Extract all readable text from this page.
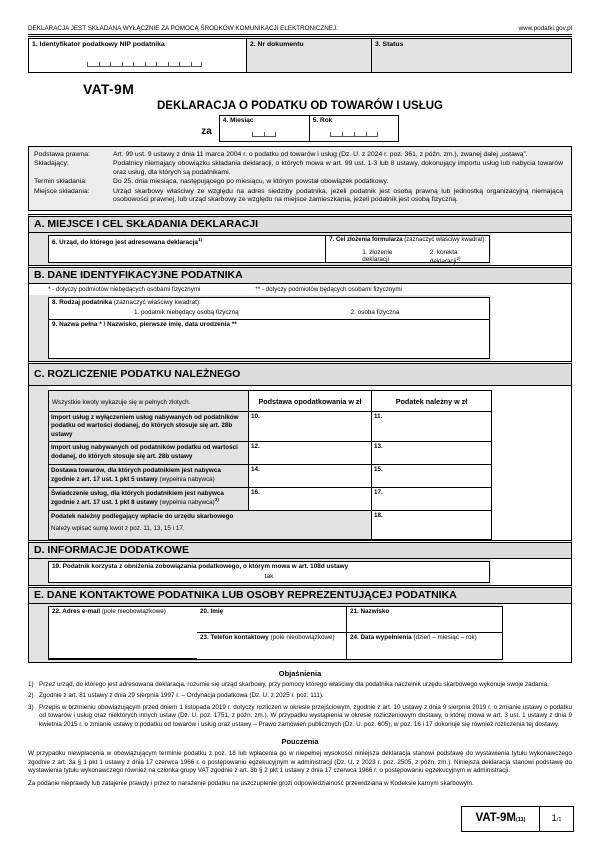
DEKLARACJA JEST SKŁADANA WYŁĄCZNIE ZA POMOCĄ ŚRODKÓW KOMUNIKACJI ELEKTRONICZNEJ.	www.podatki.gov.pl
1. Identyfikator podatkowy NIP podatnika	2. Nr dokumentu	3. Status
VAT-9M
DEKLARACJA O PODATKU OD TOWARÓW I USŁUG
za
4. Miesiąc	5. Rok
Podstawa prawna:	Art. 99 ust. 9 ustawy z dnia 11 marca 2004 r. o podatku od towarów i usług (Dz. U. z 2024 r. poz. 361, z późn. zm.), zwanej dalej „ustawą”.
Składający:	Podatnicy niemający obowiązku składania deklaracji, o których mowa w art. 99 ust. 1-3 lub 8 ustawy, dokonujący importu usług lub nabycia towarów oraz usług, dla których są podatnikami.
Termin składania:	Do 25. dnia miesiąca, następującego po miesiącu, w którym powstał obowiązek podatkowy.
Miejsce składania:	Urząd skarbowy właściwy ze względu na adres siedziby podatnika, jeżeli podatnik jest osobą prawną lub jednostką organizacyjną niemającą osobowości prawnej, lub urząd skarbowy ze względu na miejsce zamieszkania, jeżeli podatnik jest osobą fizyczną.
A. MIEJSCE I CEL SKŁADANIA DEKLARACJI
6. Urząd, do którego jest adresowana deklaracja$^{1)}$	7. Cel złożenia formularza (zaznaczyć właściwy kwadrat):
1. złożenie deklaracji
2. korekta deklaracji$^{2)}$
B. DANE IDENTYFIKACYJNE PODATNIKA
* - dotyczy podmiotów niebędących osobami fizycznymi	** - dotyczy podmiotów będących osobami fizycznymi
8. Rodzaj podatnika (zaznaczyć właściwy kwadrat):
1. podatnik niebędący osobą fizyczną	2. osoba fizyczna
9. Nazwa pełna * / Nazwisko, pierwsze imię, data urodzenia **
C. ROZLICZENIE PODATKU NALEŻNEGO
Wszystkie kwoty wykazuje się w pełnych złotych.	Podstawa opodatkowania w zł	Podatek należny w zł
Import usług z wyłączeniem usług nabywanych od podatników podatku od wartości dodanej, do których stosuje się art. 28b ustawy	10.	11.

Import usług nabywanych od podatników podatku od wartości dodanej, do których stosuje się art. 28b ustawy	12.	13.

Dostawa towarów, dla których podatnikiem jest nabywca zgodnie z art. 17 ust. 1 pkt 5 ustawy (wypełnia nabywca)	14.	15.

Świadczenie usług, dla których podatnikiem jest nabywca zgodnie z art. 17 ust. 1 pkt 8 ustawy (wypełnia nabywca)$^{3)}$	16.	17.

Podatek należny podlegający wpłacie do urzędu skarbowego
Należy wpisać sumę kwot z poz. 11, 13, 15 i 17.		18.
D. INFORMACJE DODATKOWE
19. Podatnik korzysta z obniżenia zobowiązania podatkowego, o którym mowa w art. 108d ustawy
tak
E. DANE KONTAKTOWE PODATNIKA LUB OSOBY REPREZENTUJĄCEJ PODATNIKA
20. Imię	21. Nazwisko
22. Adres e-mail (pole nieobowiązkowe)
23. Telefon kontaktowy (pole nieobowiązkowe)	24. Data wypełnienia (dzień – miesiąc – rok)
Objaśnienia
1) Przez urząd, do którego jest adresowana deklaracja, rozumie się urząd skarbowy, przy pomocy którego właściwy dla podatnika naczelnik urzędu skarbowego wykonuje swoje zadania.
2) Zgodnie z art. 81 ustawy z dnia 29 sierpnia 1997 r. – Ordynacja podatkowa (Dz. U. z 2025 r. poz. 111).
3) Przepis w brzmieniu obowiązującym przed dniem 1 listopada 2019 r. dotyczy rozliczeń w okresie przejściowym, zgodnie z art. 10 ustawy z dnia 9 sierpnia 2019 r. o zmianie ustawy o podatku od towarów i usług oraz niektórych innych ustaw (Dz. U. poz. 1751, z późn. zm.). W przypadku wystąpienia w okresie rozliczeniowym dostawy, o której mowa w art. 3 ust. 1 ustawy z dnia 9 kwietnia 2015 r. o zmianie ustawy o podatku od towarów i usług oraz ustawy – Prawo zamówień publicznych (Dz. U. poz. 605), w poz. 16 i 17 dokonuje się również rozliczenia tej dostawy.
Pouczenia
W przypadku niewpłacenia w obowiązującym terminie podatku z poz. 18 lub wpłacenia go w niepełnej wysokości niniejsza deklaracja stanowi podstawę do wystawienia tytułu wykonawczego zgodnie z art. 3a § 1 pkt 1 ustawy z dnia 17 czerwca 1966 r. o postępowaniu egzekucyjnym w administracji (Dz. U. z 2023 r. poz. 2505, z późn. zm.). Niniejsza deklaracja stanowi podstawę do wystawienia tytułu wykonawczego również na członka grupy VAT zgodnie z art. 3b § 2 pkt 1 ustawy z dnia 17 czerwca 1966 r. o postępowaniu egzekucyjnym w administracji.
Za podanie nieprawdy lub zatajenie prawdy i przez to narażenie podatku na uszczuplenie grozi odpowiedzialność przewidziana w Kodeksie karnym skarbowym.
VAT-9M(11)	1/1
